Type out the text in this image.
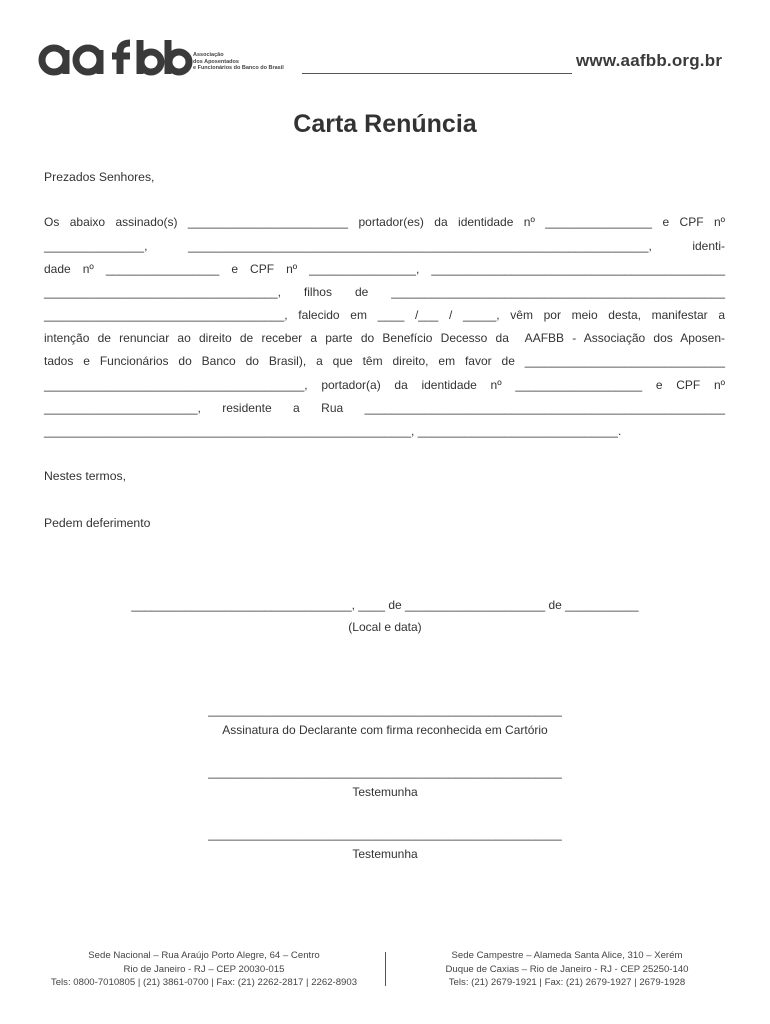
Associação
dos Aposentados
e Funcionários do Banco do Brasil	www.aafbb.org.br
Carta Renúncia
Prezados Senhores,
Os abaixo assinado(s) ________________________ portador(es) da identidade nº ________________ e CPF nº
_______________, _____________________________________________________________________, identi-
dade nº _________________ e CPF nº ________________, ____________________________________________
___________________________________, filhos de __________________________________________________
____________________________________, falecido em ____ /___ / _____, vêm por meio desta, manifestar a
intenção de renunciar ao direito de receber a parte do Benefício Decesso da  AAFBB - Associação dos Aposen-
tados e Funcionários do Banco do Brasil), a que têm direito, em favor de ______________________________
_______________________________________, portador(a) da identidade nº ___________________ e CPF nº
_______________________, residente a Rua ______________________________________________________
_______________________________________________________, ______________________________.
Nestes termos,
Pedem deferimento
_________________________________, ____ de _____________________ de ___________
(Local e data)
_____________________________________________________
Assinatura do Declarante com firma reconhecida em Cartório
_____________________________________________________
Testemunha
_____________________________________________________
Testemunha
Sede Nacional – Rua Araújo Porto Alegre, 64 – Centro
Rio de Janeiro - RJ – CEP 20030-015
Tels: 0800-7010805 | (21) 3861-0700 | Fax: (21) 2262-2817 | 2262-8903
Sede Campestre – Alameda Santa Alice, 310 – Xerém
Duque de Caxias – Rio de Janeiro - RJ - CEP 25250-140
Tels: (21) 2679-1921 | Fax: (21) 2679-1927 | 2679-1928
